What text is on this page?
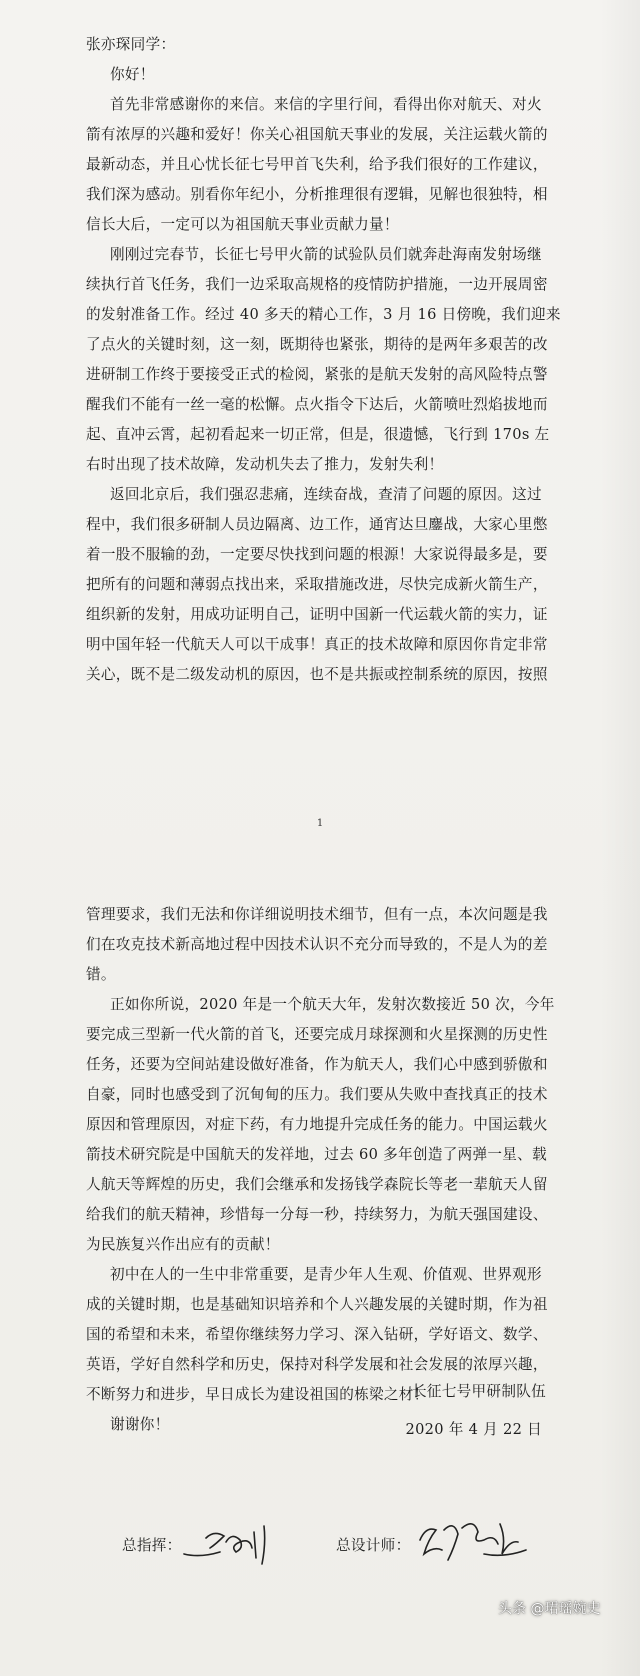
张亦琛同学：
你好！
首先非常感谢你的来信。来信的字里行间，看得出你对航天、对火
箭有浓厚的兴趣和爱好！你关心祖国航天事业的发展，关注运载火箭的
最新动态，并且心忧长征七号甲首飞失利，给予我们很好的工作建议，
我们深为感动。别看你年纪小，分析推理很有逻辑，见解也很独特，相
信长大后，一定可以为祖国航天事业贡献力量！
刚刚过完春节，长征七号甲火箭的试验队员们就奔赴海南发射场继
续执行首飞任务，我们一边采取高规格的疫情防护措施，一边开展周密
的发射准备工作。经过 40 多天的精心工作，3 月 16 日傍晚，我们迎来
了点火的关键时刻，这一刻，既期待也紧张，期待的是两年多艰苦的改
进研制工作终于要接受正式的检阅，紧张的是航天发射的高风险特点警
醒我们不能有一丝一毫的松懈。点火指令下达后，火箭喷吐烈焰拔地而
起、直冲云霄，起初看起来一切正常，但是，很遗憾，飞行到 170s 左
右时出现了技术故障，发动机失去了推力，发射失利！
返回北京后，我们强忍悲痛，连续奋战，查清了问题的原因。这过
程中，我们很多研制人员边隔离、边工作，通宵达旦鏖战，大家心里憋
着一股不服输的劲，一定要尽快找到问题的根源！大家说得最多是，要
把所有的问题和薄弱点找出来，采取措施改进，尽快完成新火箭生产，
组织新的发射，用成功证明自己，证明中国新一代运载火箭的实力，证
明中国年轻一代航天人可以干成事！真正的技术故障和原因你肯定非常
关心，既不是二级发动机的原因，也不是共振或控制系统的原因，按照
1
管理要求，我们无法和你详细说明技术细节，但有一点，本次问题是我
们在攻克技术新高地过程中因技术认识不充分而导致的，不是人为的差
错。
正如你所说，2020 年是一个航天大年，发射次数接近 50 次，今年
要完成三型新一代火箭的首飞，还要完成月球探测和火星探测的历史性
任务，还要为空间站建设做好准备，作为航天人，我们心中感到骄傲和
自豪，同时也感受到了沉甸甸的压力。我们要从失败中查找真正的技术
原因和管理原因，对症下药，有力地提升完成任务的能力。中国运载火
箭技术研究院是中国航天的发祥地，过去 60 多年创造了两弹一星、载
人航天等辉煌的历史，我们会继承和发扬钱学森院长等老一辈航天人留
给我们的航天精神，珍惜每一分每一秒，持续努力，为航天强国建设、
为民族复兴作出应有的贡献！
初中在人的一生中非常重要，是青少年人生观、价值观、世界观形
成的关键时期，也是基础知识培养和个人兴趣发展的关键时期，作为祖
国的希望和未来，希望你继续努力学习、深入钻研，学好语文、数学、
英语，学好自然科学和历史，保持对科学发展和社会发展的浓厚兴趣，
不断努力和进步，早日成长为建设祖国的栋梁之材！
谢谢你！
长征七号甲研制队伍
2020 年 4 月 22 日
总指挥：	总设计师：
头条 @珺瑶婉史
